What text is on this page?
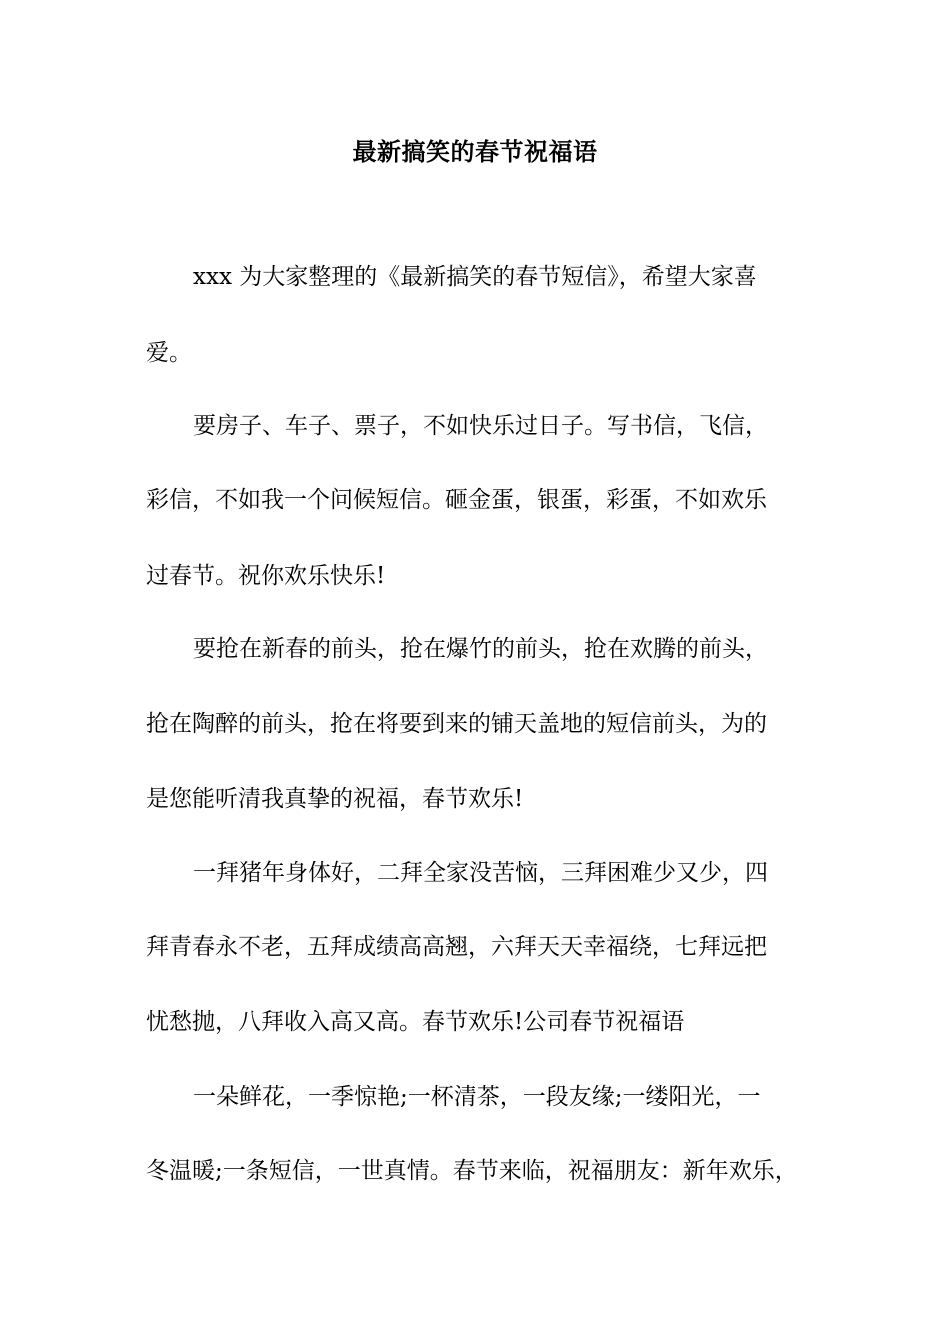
最新搞笑的春节祝福语
xxx 为大家整理的《最新搞笑的春节短信》，希望大家喜
爱。
要房子、车子、票子，不如快乐过日子。写书信，飞信，
彩信，不如我一个问候短信。砸金蛋，银蛋，彩蛋，不如欢乐
过春节。祝你欢乐快乐!
要抢在新春的前头，抢在爆竹的前头，抢在欢腾的前头，
抢在陶醉的前头，抢在将要到来的铺天盖地的短信前头，为的
是您能听清我真挚的祝福，春节欢乐!
一拜猪年身体好，二拜全家没苦恼，三拜困难少又少，四
拜青春永不老，五拜成绩高高翘，六拜天天幸福绕，七拜远把
忧愁抛，八拜收入高又高。春节欢乐!公司春节祝福语
一朵鲜花，一季惊艳;一杯清茶，一段友缘;一缕阳光，一
冬温暖;一条短信，一世真情。春节来临，祝福朋友：新年欢乐，
